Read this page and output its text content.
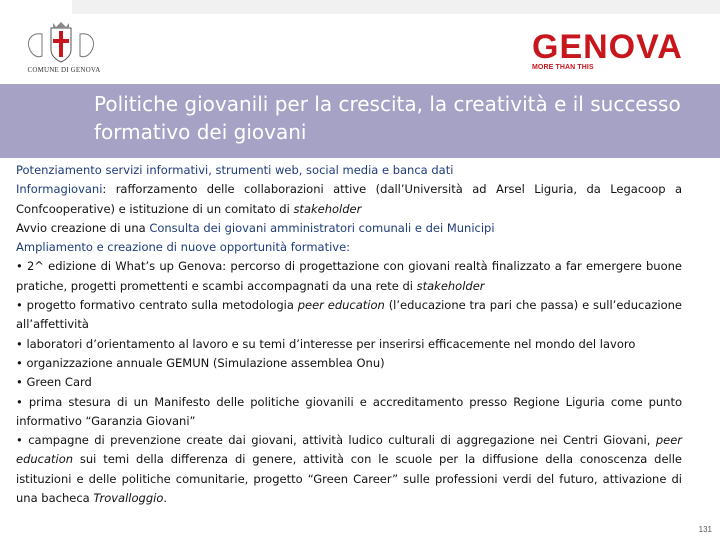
COMUNE DI GENOVA
GENOVA
MORE THAN THIS
Politiche giovanili per la crescita, la creatività e il successo formativo dei giovani

Potenziamento servizi informativi, strumenti web, social media e banca dati

Informagiovani: rafforzamento delle collaborazioni attive (dall’Università ad Arsel Liguria, da Legacoop a Confcooperative) e istituzione di un comitato di stakeholder

Avvio creazione di una Consulta dei giovani amministratori comunali e dei Municipi

Ampliamento e creazione di nuove opportunità formative:

• 2^ edizione di What’s up Genova: percorso di progettazione con giovani realtà finalizzato a far emergere buone pratiche, progetti promettenti e scambi accompagnati da una rete di stakeholder

• progetto formativo centrato sulla metodologia peer education (l’educazione tra pari che passa) e sull’educazione all’affettività

• laboratori d’orientamento al lavoro e su temi d’interesse per inserirsi efficacemente nel mondo del lavoro

• organizzazione annuale GEMUN (Simulazione assemblea Onu)

• Green Card

• prima stesura di un Manifesto delle politiche giovanili e accreditamento presso Regione Liguria come punto informativo “Garanzia Giovani”

• campagne di prevenzione create dai giovani, attività ludico culturali di aggregazione nei Centri Giovani, peer education sui temi della differenza di genere, attività con le scuole per la diffusione della conoscenza delle istituzioni e delle politiche comunitarie, progetto “Green Career” sulle professioni verdi del futuro, attivazione di una bacheca Trovalloggio.

131
